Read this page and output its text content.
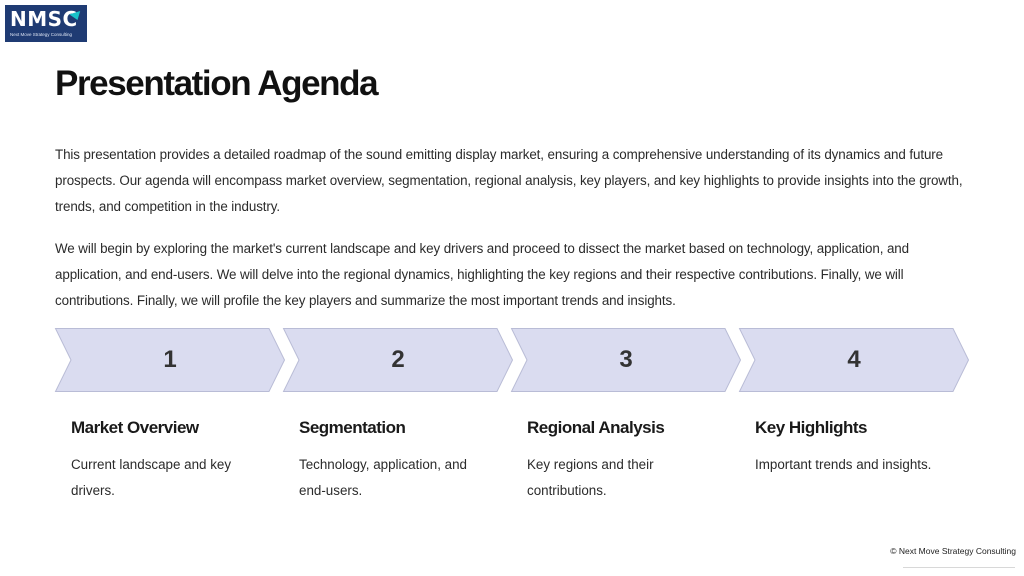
NMSC
Next Move Strategy Consulting
Presentation Agenda

This presentation provides a detailed roadmap of the sound emitting display market, ensuring a comprehensive understanding of its dynamics and future prospects. Our agenda will encompass market overview, segmentation, regional analysis, key players, and key highlights to provide insights into the growth, trends, and competition in the industry.

We will begin by exploring the market's current landscape and key drivers and proceed to dissect the market based on technology, application, and application, and end-users. We will delve into the regional dynamics, highlighting the key regions and their respective contributions. Finally, we will contributions. Finally, we will profile the key players and summarize the most important trends and insights.

1	2	3	4
Market Overview

Current landscape and key drivers.

Segmentation

Technology, application, and end-users.

Regional Analysis

Key regions and their contributions.

Key Highlights

Important trends and insights.

© Next Move Strategy Consulting
